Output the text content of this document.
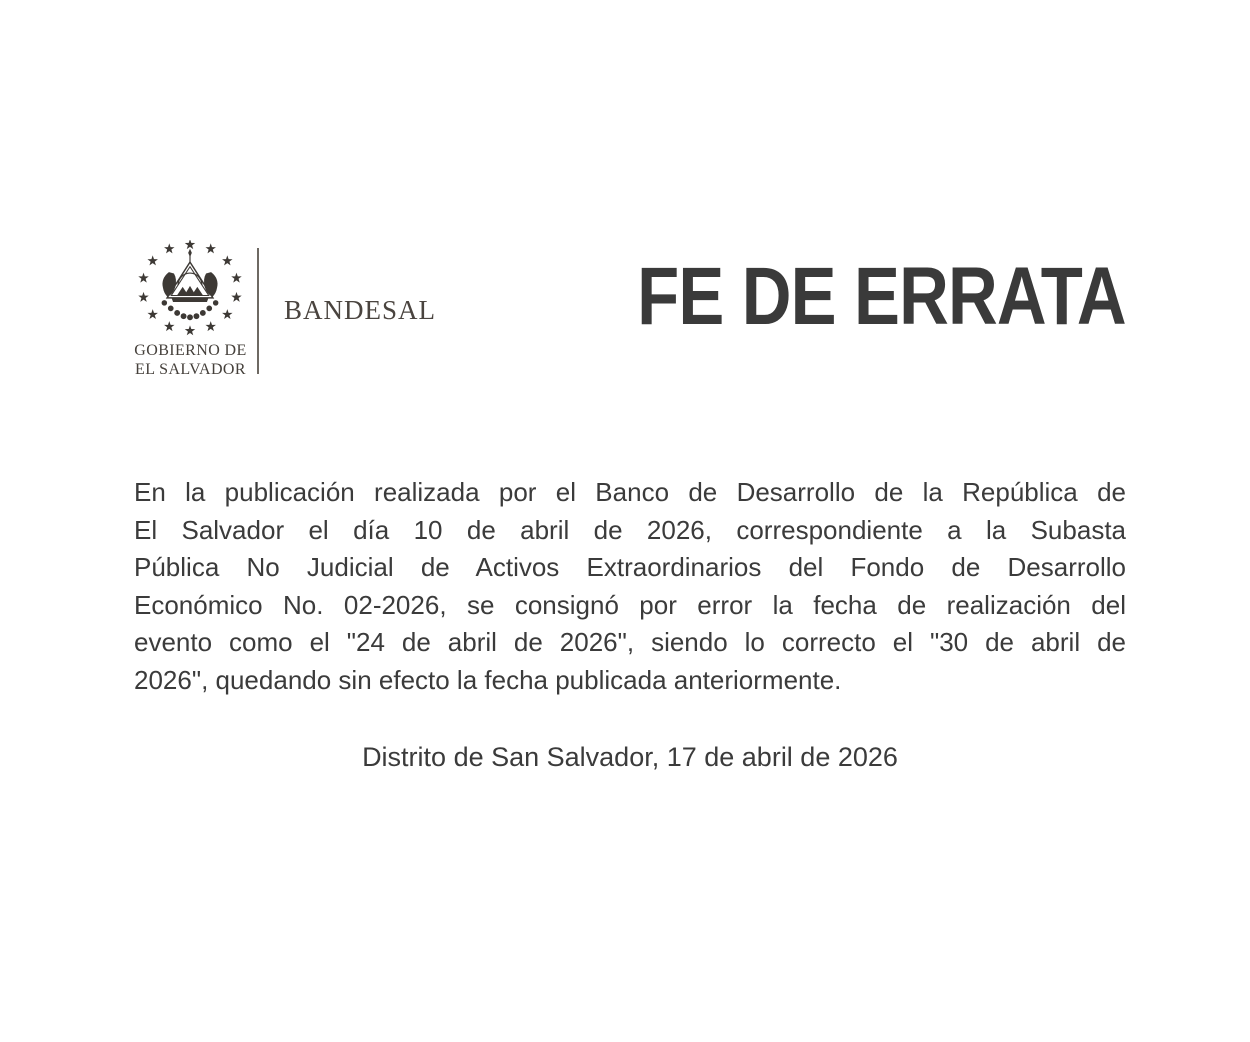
GOBIERNO DE
EL SALVADOR
BANDESAL FE DE ERRATA
En la publicación realizada por el Banco de Desarrollo de la República de
El Salvador el día 10 de abril de 2026, correspondiente a la Subasta
Pública No Judicial de Activos Extraordinarios del Fondo de Desarrollo
Económico No. 02-2026, se consignó por error la fecha de realización del
evento como el "24 de abril de 2026", siendo lo correcto el "30 de abril de
2026", quedando sin efecto la fecha publicada anteriormente.
Distrito de San Salvador, 17 de abril de 2026
